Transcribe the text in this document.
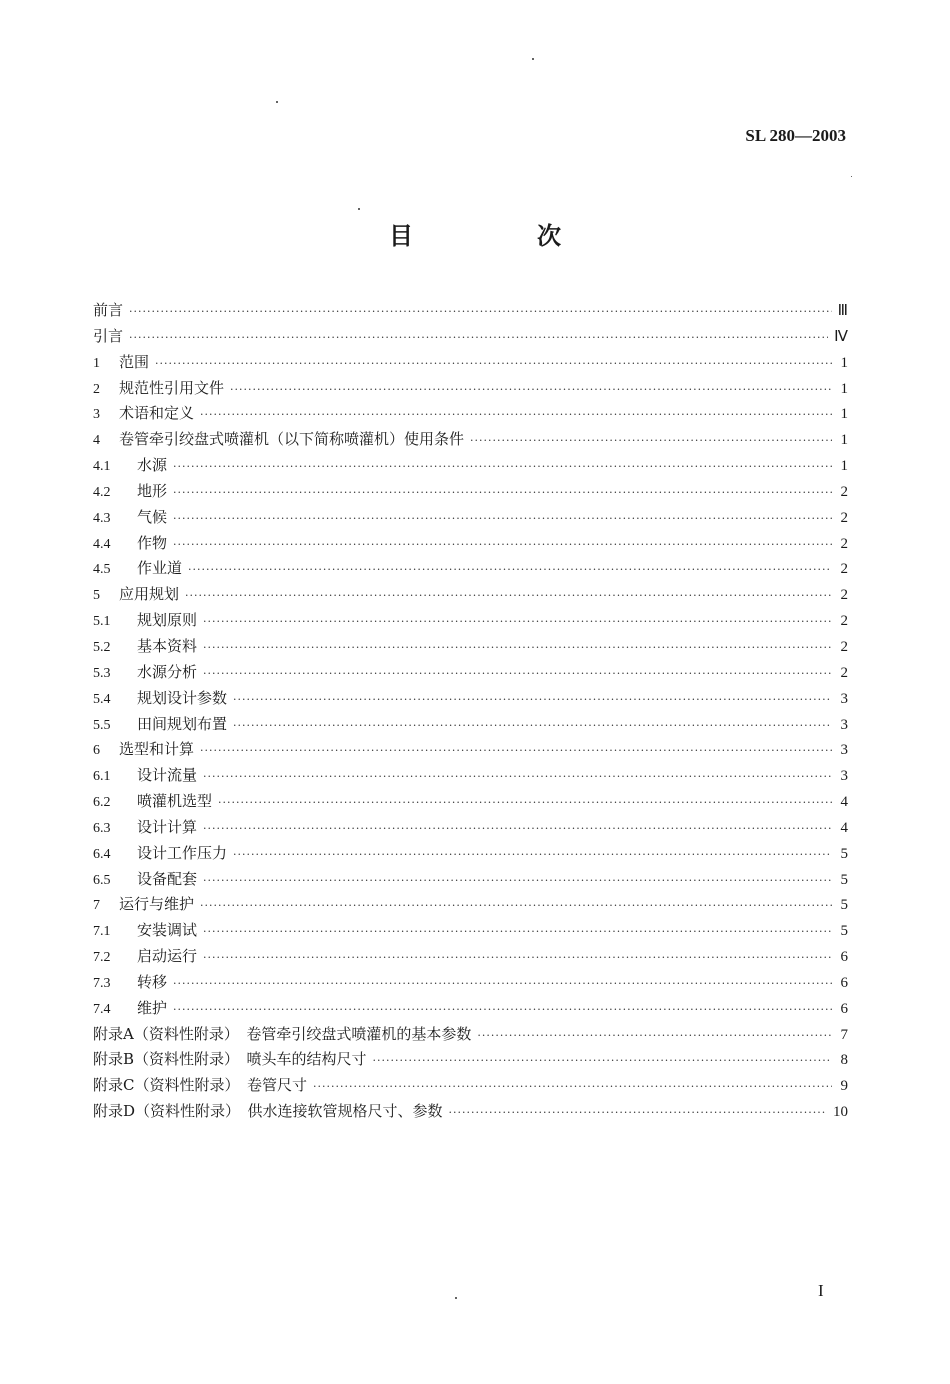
SL 280—2003
目　次
前言 ·····	Ⅲ
引言 ·····	Ⅳ
1	范围 ·····	1
2	规范性引用文件 ·····	1
3	术语和定义 ·····	1
4	卷管牵引绞盘式喷灌机（以下简称喷灌机）使用条件 ·····	1
4.1	水源 ·····	1
4.2	地形 ·····	2
4.3	气候 ·····	2
4.4	作物 ·····	2
4.5	作业道 ·····	2
5	应用规划 ·····	2
5.1	规划原则 ·····	2
5.2	基本资料 ·····	2
5.3	水源分析 ·····	2
5.4	规划设计参数 ·····	3
5.5	田间规划布置 ·····	3
6	选型和计算 ·····	3
6.1	设计流量 ·····	3
6.2	喷灌机选型 ·····	4
6.3	设计计算 ·····	4
6.4	设计工作压力 ·····	5
6.5	设备配套 ·····	5
7	运行与维护 ·····	5
7.1	安装调试 ·····	5
7.2	启动运行 ·····	6
7.3	转移 ·····	6
7.4	维护 ·····	6
附录A（资料性附录）　卷管牵引绞盘式喷灌机的基本参数 ·····	7
附录B（资料性附录）　喷头车的结构尺寸 ·····	8
附录C（资料性附录）　卷管尺寸 ·····	9
附录D（资料性附录）　供水连接软管规格尺寸、参数 ·····	10
I
